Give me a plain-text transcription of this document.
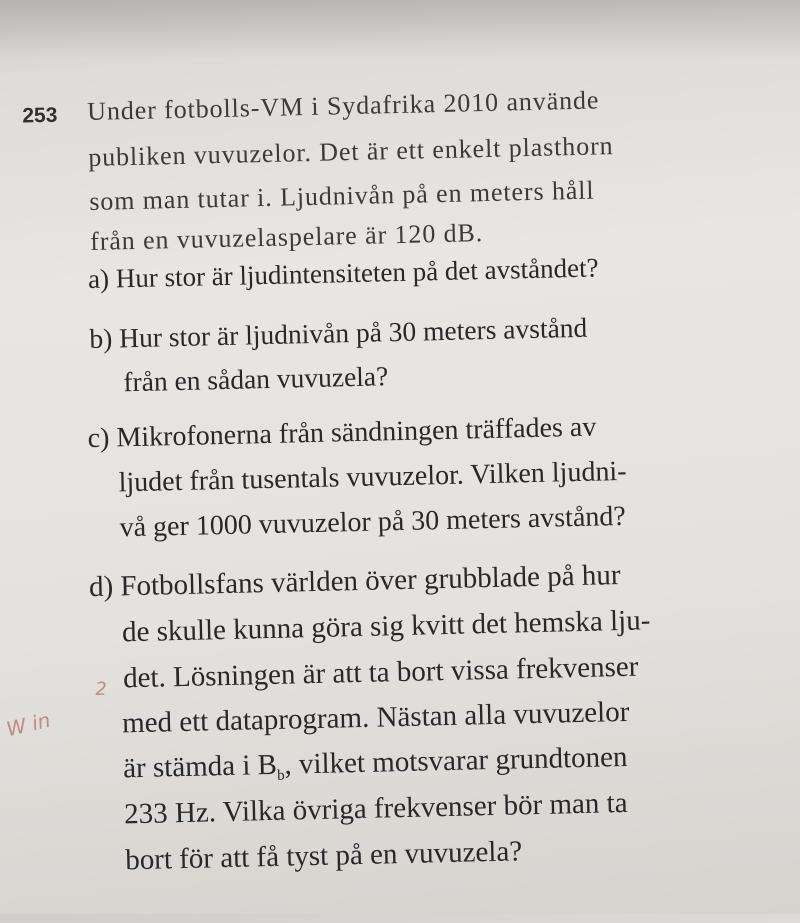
253 Under fotbolls-VM i Sydafrika 2010 använde
publiken vuvuzelor. Det är ett enkelt plasthorn
som man tutar i. Ljudnivån på en meters håll
från en vuvuzelaspelare är 120 dB.
a) Hur stor är ljudintensiteten på det avståndet?
b) Hur stor är ljudnivån på 30 meters avstånd
från en sådan vuvuzela?
c) Mikrofonerna från sändningen träffades av
ljudet från tusentals vuvuzelor. Vilken ljudni-
vå ger 1000 vuvuzelor på 30 meters avstånd?
d) Fotbollsfans världen över grubblade på hur
de skulle kunna göra sig kvitt det hemska lju-
det. Lösningen är att ta bort vissa frekvenser
med ett dataprogram. Nästan alla vuvuzelor
är stämda i $B_b$, vilket motsvarar grundtonen
233 Hz. Vilka övriga frekvenser bör man ta
bort för att få tyst på en vuvuzela?
W in
2
